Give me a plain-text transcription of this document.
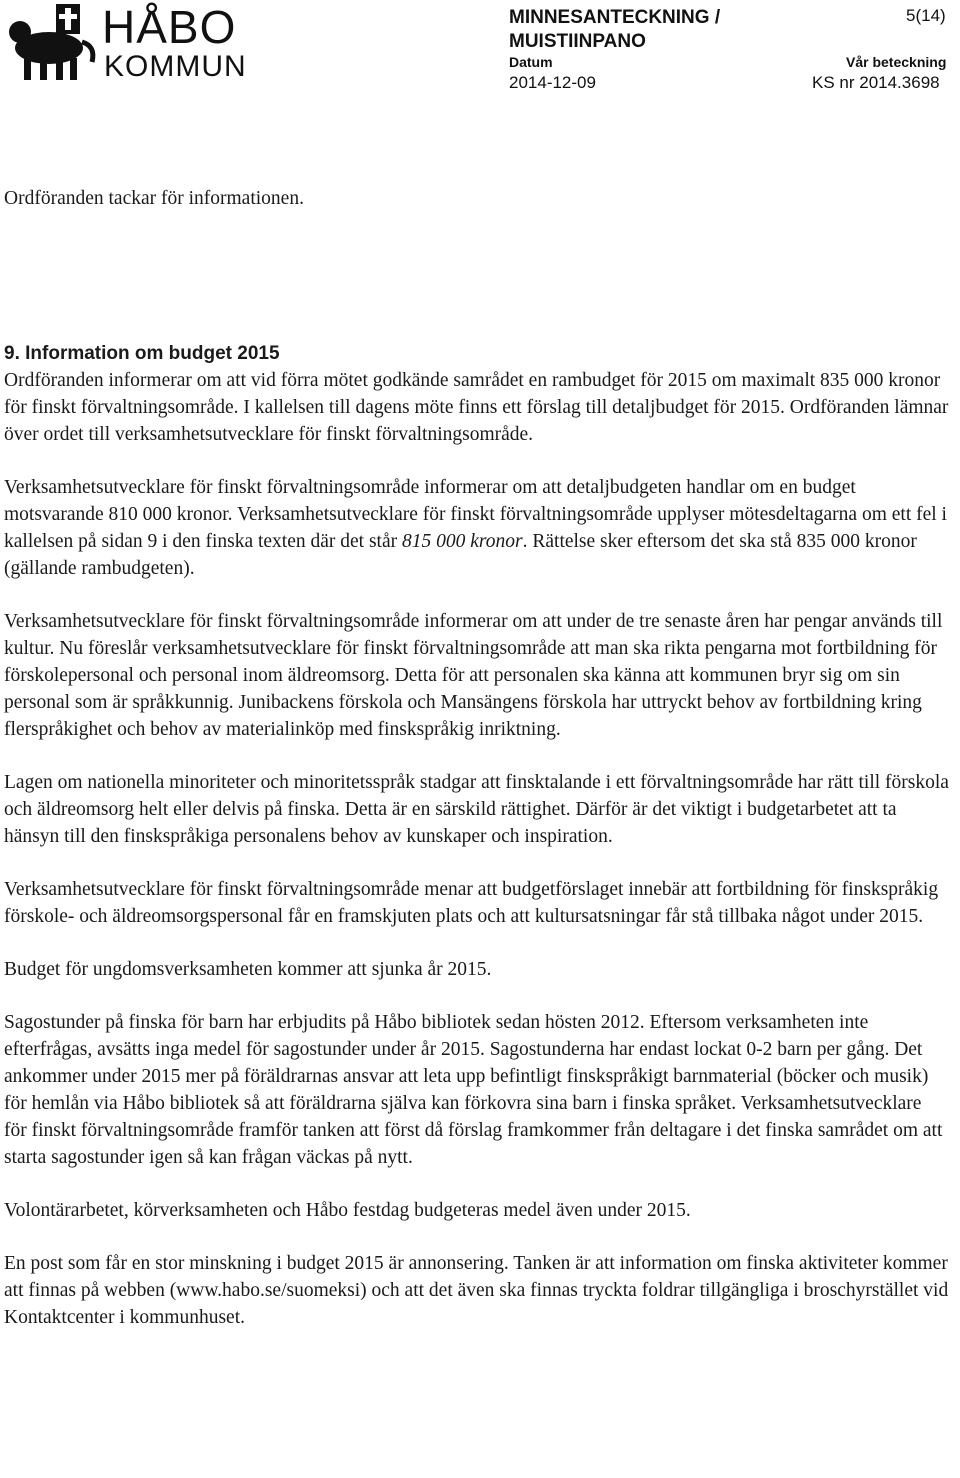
HÅBO
KOMMUN
MINNESANTECKNING / MUISTIINPANO
5(14)
Datum
2014-12-09
Vår beteckning
KS nr 2014.3698
Ordföranden tackar för informationen.
9. Information om budget 2015

Ordföranden informerar om att vid förra mötet godkände samrådet en rambudget för 2015 om maximalt 835 000 kronor för finskt förvaltningsområde. I kallelsen till dagens möte finns ett förslag till detaljbudget för 2015. Ordföranden lämnar över ordet till verksamhetsutvecklare för finskt förvaltningsområde.

Verksamhetsutvecklare för finskt förvaltningsområde informerar om att detaljbudgeten handlar om en budget motsvarande 810 000 kronor. Verksamhetsutvecklare för finskt förvaltningsområde upplyser mötesdeltagarna om ett fel i kallelsen på sidan 9 i den finska texten där det står 815 000 kronor. Rättelse sker eftersom det ska stå 835 000 kronor (gällande rambudgeten).

Verksamhetsutvecklare för finskt förvaltningsområde informerar om att under de tre senaste åren har pengar används till kultur. Nu föreslår verksamhetsutvecklare för finskt förvaltningsområde att man ska rikta pengarna mot fortbildning för förskolepersonal och personal inom äldreomsorg. Detta för att personalen ska känna att kommunen bryr sig om sin personal som är språkkunnig. Junibackens förskola och Mansängens förskola har uttryckt behov av fortbildning kring flerspråkighet och behov av materialinköp med finskspråkig inriktning.

Lagen om nationella minoriteter och minoritetsspråk stadgar att finsktalande i ett förvaltningsområde har rätt till förskola och äldreomsorg helt eller delvis på finska. Detta är en särskild rättighet. Därför är det viktigt i budgetarbetet att ta hänsyn till den finskspråkiga personalens behov av kunskaper och inspiration.

Verksamhetsutvecklare för finskt förvaltningsområde menar att budgetförslaget innebär att fortbildning för finskspråkig förskole- och äldreomsorgspersonal får en framskjuten plats och att kultursatsningar får stå tillbaka något under 2015.

Budget för ungdomsverksamheten kommer att sjunka år 2015.

Sagostunder på finska för barn har erbjudits på Håbo bibliotek sedan hösten 2012. Eftersom verksamheten inte efterfrågas, avsätts inga medel för sagostunder under år 2015. Sagostunderna har endast lockat 0-2 barn per gång. Det ankommer under 2015 mer på föräldrarnas ansvar att leta upp befintligt finskspråkigt barnmaterial (böcker och musik) för hemlån via Håbo bibliotek så att föräldrarna själva kan förkovra sina barn i finska språket. Verksamhetsutvecklare för finskt förvaltningsområde framför tanken att först då förslag framkommer från deltagare i det finska samrådet om att starta sagostunder igen så kan frågan väckas på nytt.

Volontärarbetet, körverksamheten och Håbo festdag budgeteras medel även under 2015.

En post som får en stor minskning i budget 2015 är annonsering. Tanken är att information om finska aktiviteter kommer att finnas på webben (www.habo.se/suomeksi) och att det även ska finnas tryckta foldrar tillgängliga i broschyrstället vid Kontaktcenter i kommunhuset.
